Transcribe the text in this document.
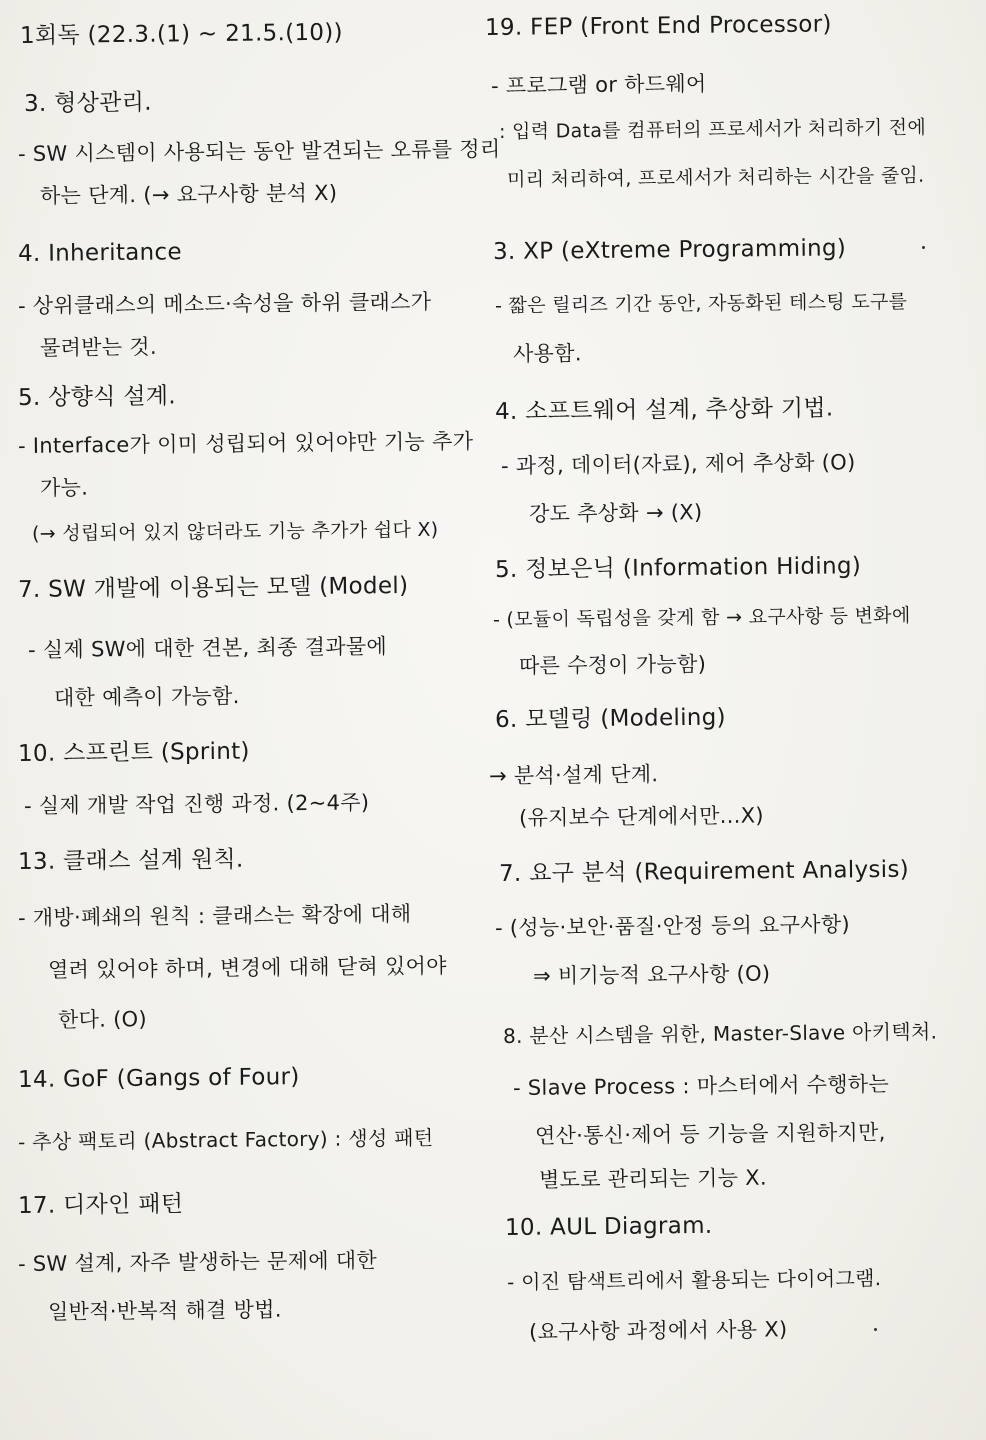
1회독 (22.3.(1) ~ 21.5.(10))
3. 형상관리.
- SW 시스템이 사용되는 동안 발견되는 오류를 정리
하는 단계. (→ 요구사항 분석 X)
4. Inheritance
- 상위클래스의 메소드·속성을 하위 클래스가
물려받는 것.
5. 상향식 설계.
- Interface가 이미 성립되어 있어야만 기능 추가
가능.
(→ 성립되어 있지 않더라도 기능 추가가 쉽다 X)
7. SW 개발에 이용되는 모델 (Model)
- 실제 SW에 대한 견본, 최종 결과물에
대한 예측이 가능함.
10. 스프린트 (Sprint)
- 실제 개발 작업 진행 과정. (2~4주)
13. 클래스 설계 원칙.
- 개방·폐쇄의 원칙 : 클래스는 확장에 대해
열려 있어야 하며, 변경에 대해 닫혀 있어야
한다. (O)
14. GoF (Gangs of Four)
- 추상 팩토리 (Abstract Factory) : 생성 패턴
17. 디자인 패턴
- SW 설계, 자주 발생하는 문제에 대한
일반적·반복적 해결 방법.
19. FEP (Front End Processor)
- 프로그램 or 하드웨어
: 입력 Data를 컴퓨터의 프로세서가 처리하기 전에
미리 처리하여, 프로세서가 처리하는 시간을 줄임.
3. XP (eXtreme Programming)
- 짧은 릴리즈 기간 동안, 자동화된 테스팅 도구를
사용함.
4. 소프트웨어 설계, 추상화 기법.
- 과정, 데이터(자료), 제어 추상화 (O)
강도 추상화 → (X)
5. 정보은닉 (Information Hiding)
- (모듈이 독립성을 갖게 함 → 요구사항 등 변화에
따른 수정이 가능함)
6. 모델링 (Modeling)
→ 분석·설계 단계.
(유지보수 단계에서만...X)
7. 요구 분석 (Requirement Analysis)
- (성능·보안·품질·안정 등의 요구사항)
⇒ 비기능적 요구사항 (O)
8. 분산 시스템을 위한, Master-Slave 아키텍처.
- Slave Process : 마스터에서 수행하는
연산·통신·제어 등 기능을 지원하지만,
별도로 관리되는 기능 X.
10. AUL Diagram.
- 이진 탐색트리에서 활용되는 다이어그램.
(요구사항 과정에서 사용 X)
